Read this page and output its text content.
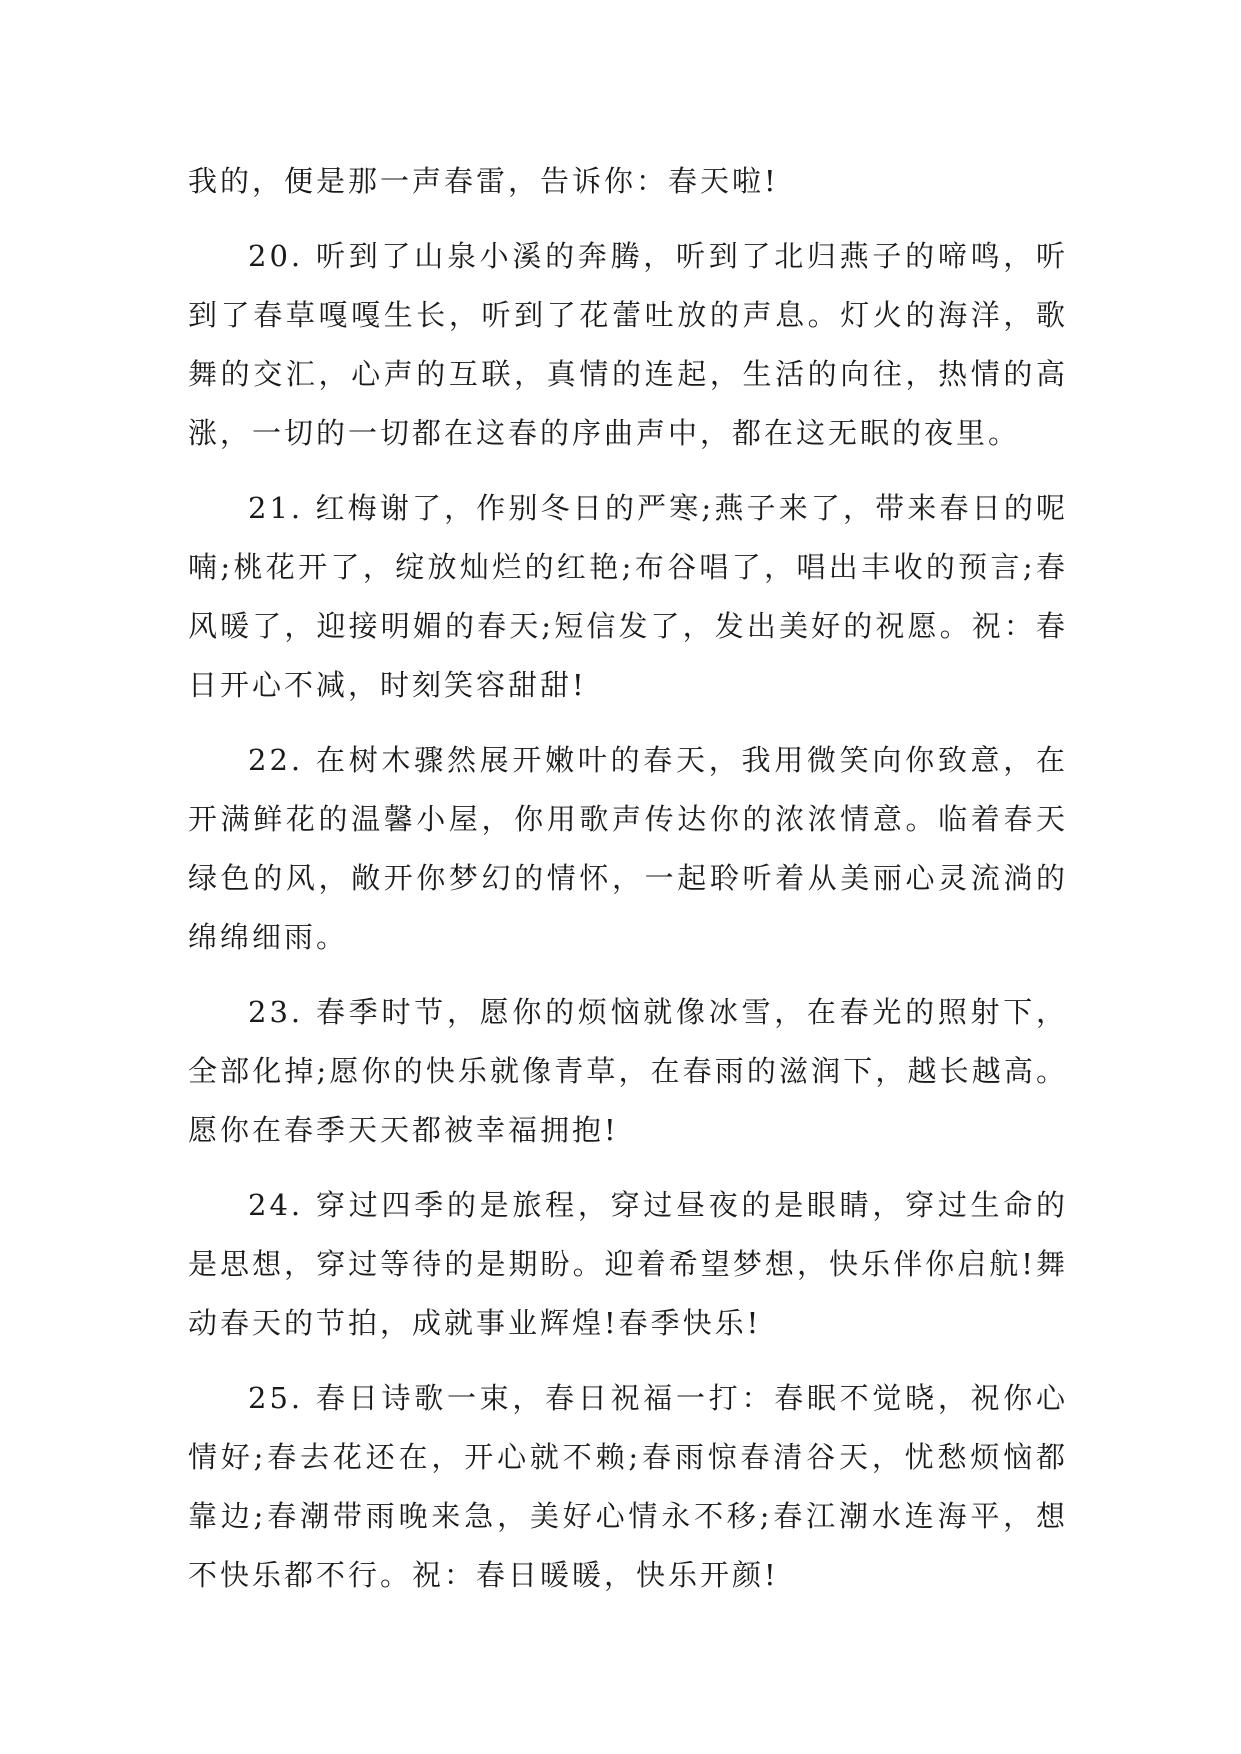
我的，便是那一声春雷，告诉你：春天啦!

20. 听到了山泉小溪的奔腾，听到了北归燕子的啼鸣，听到了春草嘎嘎生长，听到了花蕾吐放的声息。灯火的海洋，歌舞的交汇，心声的互联，真情的连起，生活的向往，热情的高涨，一切的一切都在这春的序曲声中，都在这无眠的夜里。

21. 红梅谢了，作别冬日的严寒;燕子来了，带来春日的呢喃;桃花开了，绽放灿烂的红艳;布谷唱了，唱出丰收的预言;春风暖了，迎接明媚的春天;短信发了，发出美好的祝愿。祝：春日开心不减，时刻笑容甜甜!

22. 在树木骤然展开嫩叶的春天，我用微笑向你致意，在开满鲜花的温馨小屋，你用歌声传达你的浓浓情意。临着春天绿色的风，敞开你梦幻的情怀，一起聆听着从美丽心灵流淌的绵绵细雨。

23. 春季时节，愿你的烦恼就像冰雪，在春光的照射下，全部化掉;愿你的快乐就像青草，在春雨的滋润下，越长越高。愿你在春季天天都被幸福拥抱!

24. 穿过四季的是旅程，穿过昼夜的是眼睛，穿过生命的是思想，穿过等待的是期盼。迎着希望梦想，快乐伴你启航!舞动春天的节拍，成就事业辉煌!春季快乐!

25. 春日诗歌一束，春日祝福一打：春眠不觉晓，祝你心情好;春去花还在，开心就不赖;春雨惊春清谷天，忧愁烦恼都靠边;春潮带雨晚来急，美好心情永不移;春江潮水连海平，想不快乐都不行。祝：春日暖暖，快乐开颜!
